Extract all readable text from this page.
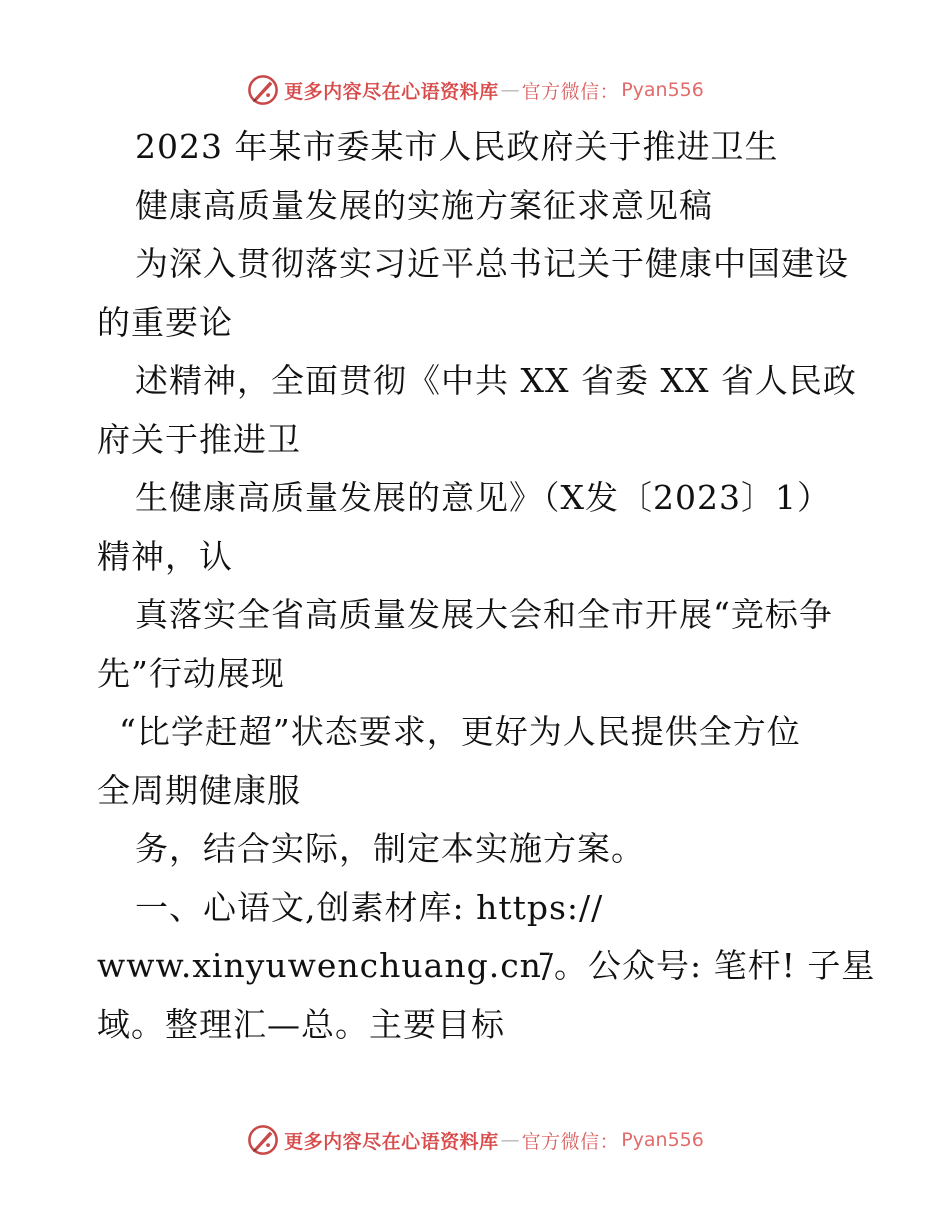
更多内容尽在心语资料库 — 官方微信： Pyan556
2023 年某市委某市人民政府关于推进卫生
健康高质量发展的实施方案征求意见稿
为深入贯彻落实习近平总书记关于健康中国建设
的重要论
述精神，全面贯彻《中共 XX 省委 XX 省人民政
府关于推进卫
生健康高质量发展的意见》（X发〔2023〕1）
精神，认
真落实全省高质量发展大会和全市开展“竞标争
先”行动展现
“比学赶超”状态要求，更好为人民提供全方位
全周期健康服
务，结合实际，制定本实施方案。
一、心语文,创素材库: https://
www.xinyuwenchuang.cn/̄。公众号: 笔杆! 子星
域。整理汇—总。主要目标
更多内容尽在心语资料库 — 官方微信： Pyan556
